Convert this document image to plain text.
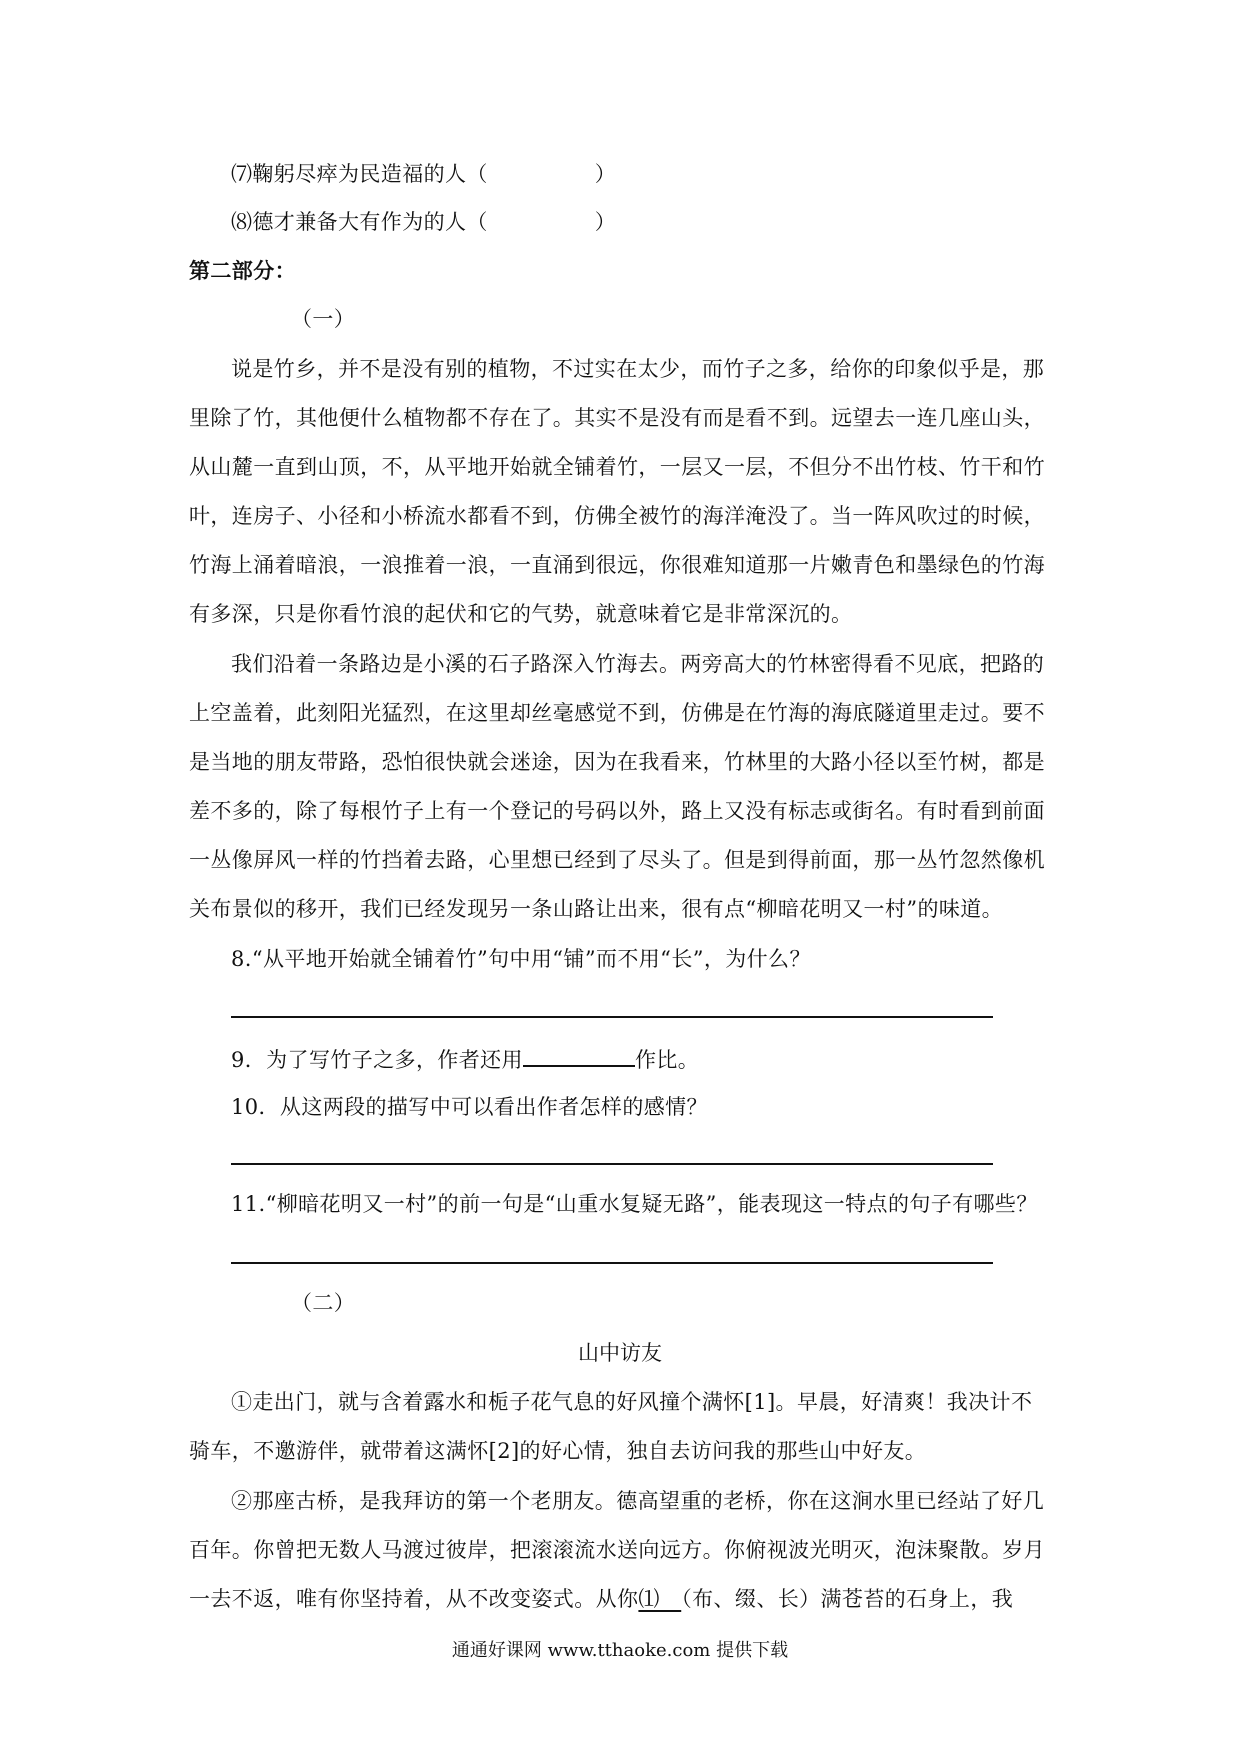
⑺鞠躬尽瘁为民造福的人（　　　　　）
⑻德才兼备大有作为的人（　　　　　）
第二部分：
（一）
说是竹乡，并不是没有别的植物，不过实在太少，而竹子之多，给你的印象似乎是，那
里除了竹，其他便什么植物都不存在了。其实不是没有而是看不到。远望去一连几座山头，
从山麓一直到山顶，不，从平地开始就全铺着竹，一层又一层，不但分不出竹枝、竹干和竹
叶，连房子、小径和小桥流水都看不到，仿佛全被竹的海洋淹没了。当一阵风吹过的时候，
竹海上涌着暗浪，一浪推着一浪，一直涌到很远，你很难知道那一片嫩青色和墨绿色的竹海
有多深，只是你看竹浪的起伏和它的气势，就意味着它是非常深沉的。
我们沿着一条路边是小溪的石子路深入竹海去。两旁高大的竹林密得看不见底，把路的
上空盖着，此刻阳光猛烈，在这里却丝毫感觉不到，仿佛是在竹海的海底隧道里走过。要不
是当地的朋友带路，恐怕很快就会迷途，因为在我看来，竹林里的大路小径以至竹树，都是
差不多的，除了每根竹子上有一个登记的号码以外，路上又没有标志或街名。有时看到前面
一丛像屏风一样的竹挡着去路，心里想已经到了尽头了。但是到得前面，那一丛竹忽然像机
关布景似的移开，我们已经发现另一条山路让出来，很有点“柳暗花明又一村”的味道。
8.“从平地开始就全铺着竹”句中用“铺”而不用“长”，为什么？
9．为了写竹子之多，作者还用	作比。
10．从这两段的描写中可以看出作者怎样的感情？
11.“柳暗花明又一村”的前一句是“山重水复疑无路”，能表现这一特点的句子有哪些？
（二）
山中访友
①走出门，就与含着露水和栀子花气息的好风撞个满怀[1]。早晨，好清爽！我决计不
骑车，不邀游伴，就带着这满怀[2]的好心情，独自去访问我的那些山中好友。
②那座古桥，是我拜访的第一个老朋友。德高望重的老桥，你在这涧水里已经站了好几
百年。你曾把无数人马渡过彼岸，把滚滚流水送向远方。你俯视波光明灭，泡沫聚散。岁月
一去不返，唯有你坚持着，从不改变姿式。从你⑴　（布、缀、长）满苍苔的石身上，我
通通好课网 www.tthaoke.com 提供下载
